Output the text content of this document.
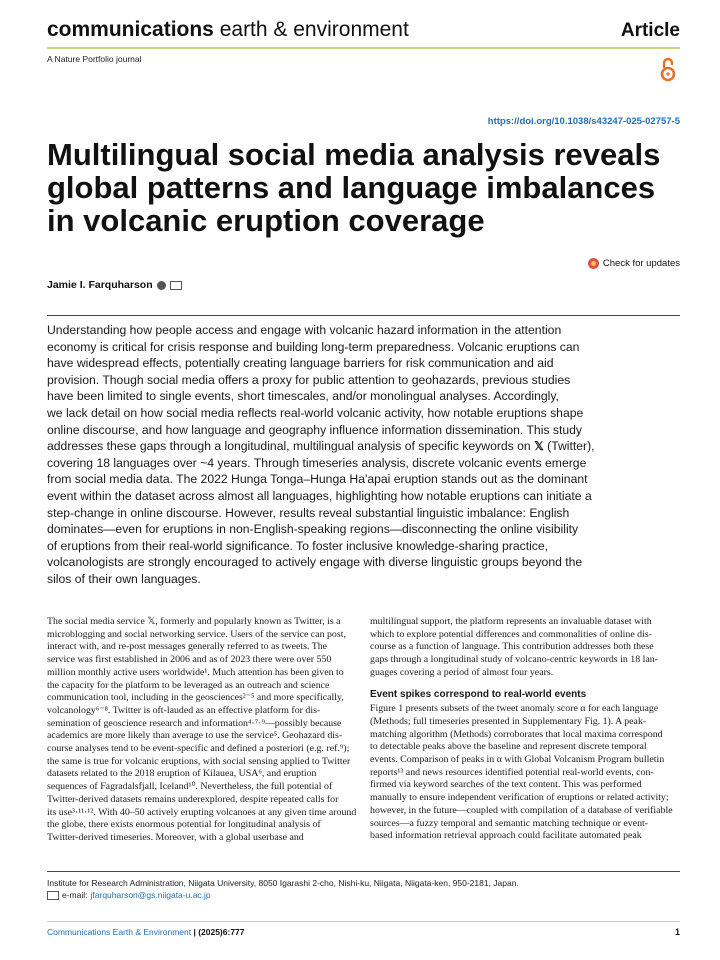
communications earth & environment	Article
A Nature Portfolio journal
https://doi.org/10.1038/s43247-025-02757-5
Multilingual social media analysis reveals
global patterns and language imbalances
in volcanic eruption coverage
Check for updates
Jamie I. Farquharson
Understanding how people access and engage with volcanic hazard information in the attention
economy is critical for crisis response and building long-term preparedness. Volcanic eruptions can
have widespread effects, potentially creating language barriers for risk communication and aid
provision. Though social media offers a proxy for public attention to geohazards, previous studies
have been limited to single events, short timescales, and/or monolingual analyses. Accordingly,
we lack detail on how social media reflects real-world volcanic activity, how notable eruptions shape
online discourse, and how language and geography influence information dissemination. This study
addresses these gaps through a longitudinal, multilingual analysis of specific keywords on 𝕏 (Twitter),
covering 18 languages over ~4 years. Through timeseries analysis, discrete volcanic events emerge
from social media data. The 2022 Hunga Tonga–Hunga Ha'apai eruption stands out as the dominant
event within the dataset across almost all languages, highlighting how notable eruptions can initiate a
step-change in online discourse. However, results reveal substantial linguistic imbalance: English
dominates—even for eruptions in non-English-speaking regions—disconnecting the online visibility
of eruptions from their real-world significance. To foster inclusive knowledge-sharing practice,
volcanologists are strongly encouraged to actively engage with diverse linguistic groups beyond the
silos of their own languages.
The social media service 𝕏, formerly and popularly known as Twitter, is a
microblogging and social networking service. Users of the service can post,
interact with, and re-post messages generally referred to as tweets. The
service was first established in 2006 and as of 2023 there were over 550
million monthly active users worldwide¹. Much attention has been given to
the capacity for the platform to be leveraged as an outreach and science
communication tool, including in the geosciences²⁻⁵ and more specifically,
volcanology⁶⁻⁸. Twitter is oft-lauded as an effective platform for dis-
semination of geoscience research and information⁴·⁷·⁹—possibly because
academics are more likely than average to use the service⁵. Geohazard dis-
course analyses tend to be event-specific and defined a posteriori (e.g. ref.⁹);
the same is true for volcanic eruptions, with social sensing applied to Twitter
datasets related to the 2018 eruption of Kilauea, USA⁶, and eruption
sequences of Fagradalsfjall, Iceland¹⁰. Nevertheless, the full potential of
Twitter-derived datasets remains underexplored, despite repeated calls for
its use³·¹¹·¹². With 40–50 actively erupting volcanoes at any given time around
the globe, there exists enormous potential for longitudinal analysis of
Twitter-derived timeseries. Moreover, with a global userbase and
multilingual support, the platform represents an invaluable dataset with
which to explore potential differences and commonalities of online dis-
course as a function of language. This contribution addresses both these
gaps through a longitudinal study of volcano-centric keywords in 18 lan-
guages covering a period of almost four years.
Event spikes correspond to real-world events
Figure 1 presents subsets of the tweet anomaly score α for each language
(Methods; full timeseries presented in Supplementary Fig. 1). A peak-
matching algorithm (Methods) corroborates that local maxima correspond
to detectable peaks above the baseline and represent discrete temporal
events. Comparison of peaks in α with Global Volcanism Program bulletin
reports¹³ and news resources identified potential real-world events, con-
firmed via keyword searches of the text content. This was performed
manually to ensure independent verification of eruptions or related activity;
however, in the future—coupled with compilation of a database of verifiable
sources—a fuzzy temporal and semantic matching technique or event-
based information retrieval approach could facilitate automated peak
Institute for Research Administration, Niigata University, 8050 Igarashi 2-cho, Nishi-ku, Niigata, Niigata-ken, 950-2181, Japan.
e-mail: jfarquharson@gs.niigata-u.ac.jp
Communications Earth & Environment | (2025)6:777	1
